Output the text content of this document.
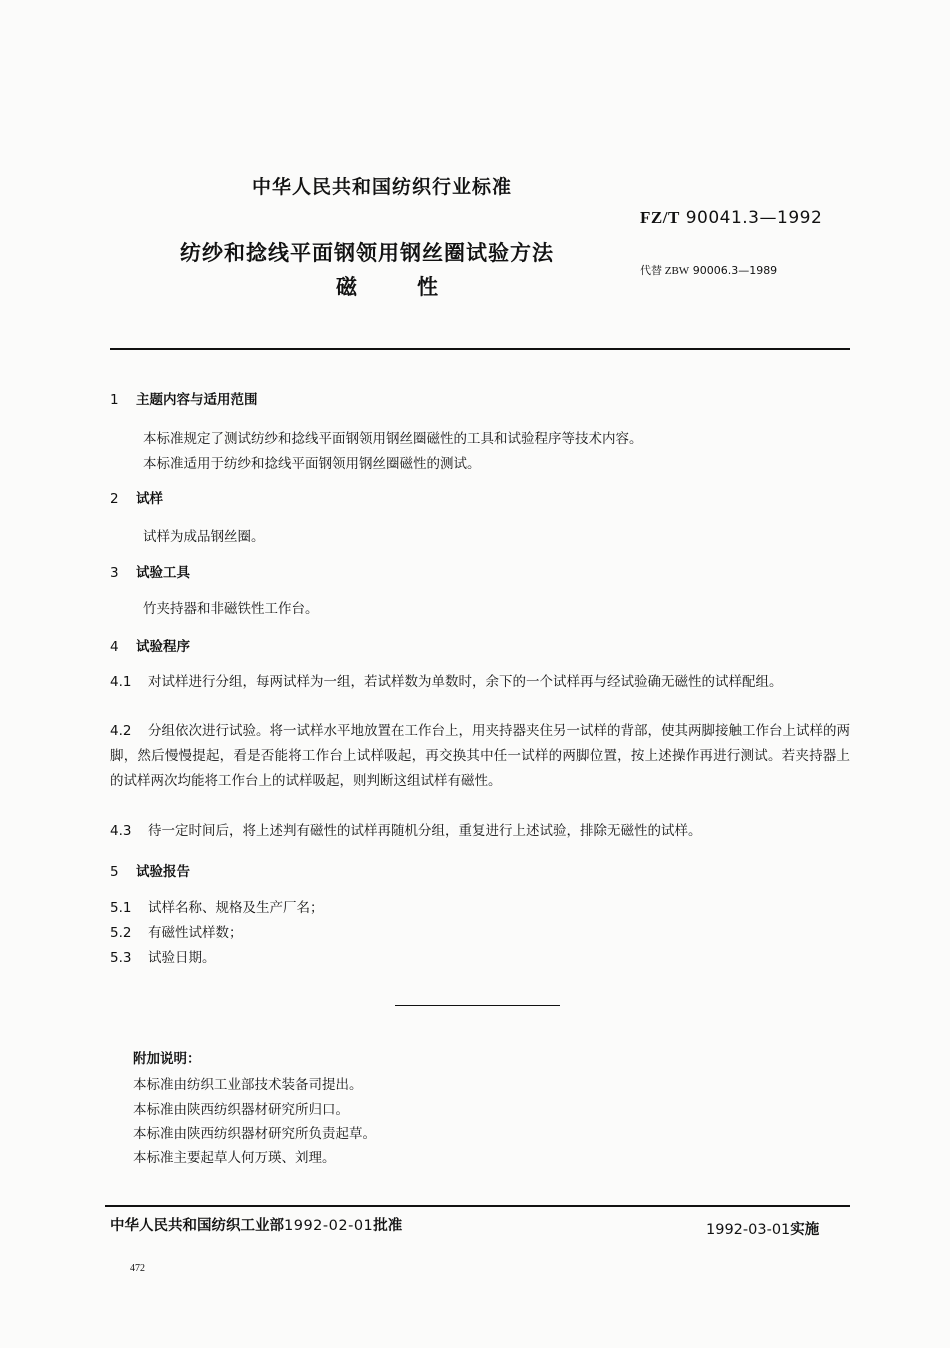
中华人民共和国纺织行业标准
FZ/T 90041.3—1992
纺纱和捻线平面钢领用钢丝圈试验方法
磁性
代替 ZBW 90006.3—1989
1 主题内容与适用范围
本标准规定了测试纺纱和捻线平面钢领用钢丝圈磁性的工具和试验程序等技术内容。
本标准适用于纺纱和捻线平面钢领用钢丝圈磁性的测试。
2 试样
试样为成品钢丝圈。
3 试验工具
竹夹持器和非磁铁性工作台。
4 试验程序
4.1 对试样进行分组，每两试样为一组，若试样数为单数时，余下的一个试样再与经试验确无磁性的试样配组。
4.2 分组依次进行试验。将一试样水平地放置在工作台上，用夹持器夹住另一试样的背部，使其两脚接触工作台上试样的两脚，然后慢慢提起，看是否能将工作台上试样吸起，再交换其中任一试样的两脚位置，按上述操作再进行测试。若夹持器上的试样两次均能将工作台上的试样吸起，则判断这组试样有磁性。
4.3 待一定时间后，将上述判有磁性的试样再随机分组，重复进行上述试验，排除无磁性的试样。
5 试验报告
5.1 试样名称、规格及生产厂名；
5.2 有磁性试样数；
5.3 试验日期。
附加说明：
本标准由纺织工业部技术装备司提出。
本标准由陕西纺织器材研究所归口。
本标准由陕西纺织器材研究所负责起草。
本标准主要起草人何万瑛、刘理。
中华人民共和国纺织工业部1992-02-01批准	1992-03-01实施
472
